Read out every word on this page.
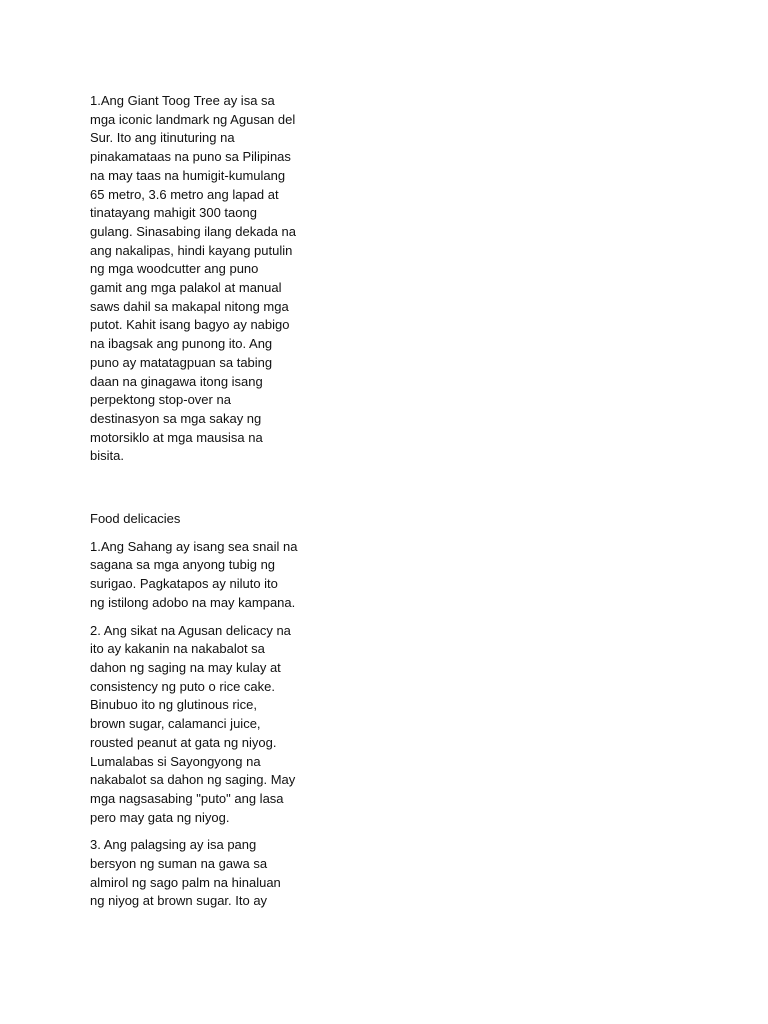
1.Ang Giant Toog Tree ay isa sa
mga iconic landmark ng Agusan del
Sur. Ito ang itinuturing na
pinakamataas na puno sa Pilipinas
na may taas na humigit-kumulang
65 metro, 3.6 metro ang lapad at
tinatayang mahigit 300 taong
gulang. Sinasabing ilang dekada na
ang nakalipas, hindi kayang putulin
ng mga woodcutter ang puno
gamit ang mga palakol at manual
saws dahil sa makapal nitong mga
putot. Kahit isang bagyo ay nabigo
na ibagsak ang punong ito. Ang
puno ay matatagpuan sa tabing
daan na ginagawa itong isang
perpektong stop-over na
destinasyon sa mga sakay ng
motorsiklo at mga mausisa na
bisita.

Food delicacies

1.Ang Sahang ay isang sea snail na
sagana sa mga anyong tubig ng
surigao. Pagkatapos ay niluto ito
ng istilong adobo na may kampana.

2. Ang sikat na Agusan delicacy na
ito ay kakanin na nakabalot sa
dahon ng saging na may kulay at
consistency ng puto o rice cake.
Binubuo ito ng glutinous rice,
brown sugar, calamanci juice,
rousted peanut at gata ng niyog.
Lumalabas si Sayongyong na
nakabalot sa dahon ng saging. May
mga nagsasabing "puto" ang lasa
pero may gata ng niyog.

3. Ang palagsing ay isa pang
bersyon ng suman na gawa sa
almirol ng sago palm na hinaluan
ng niyog at brown sugar. Ito ay
